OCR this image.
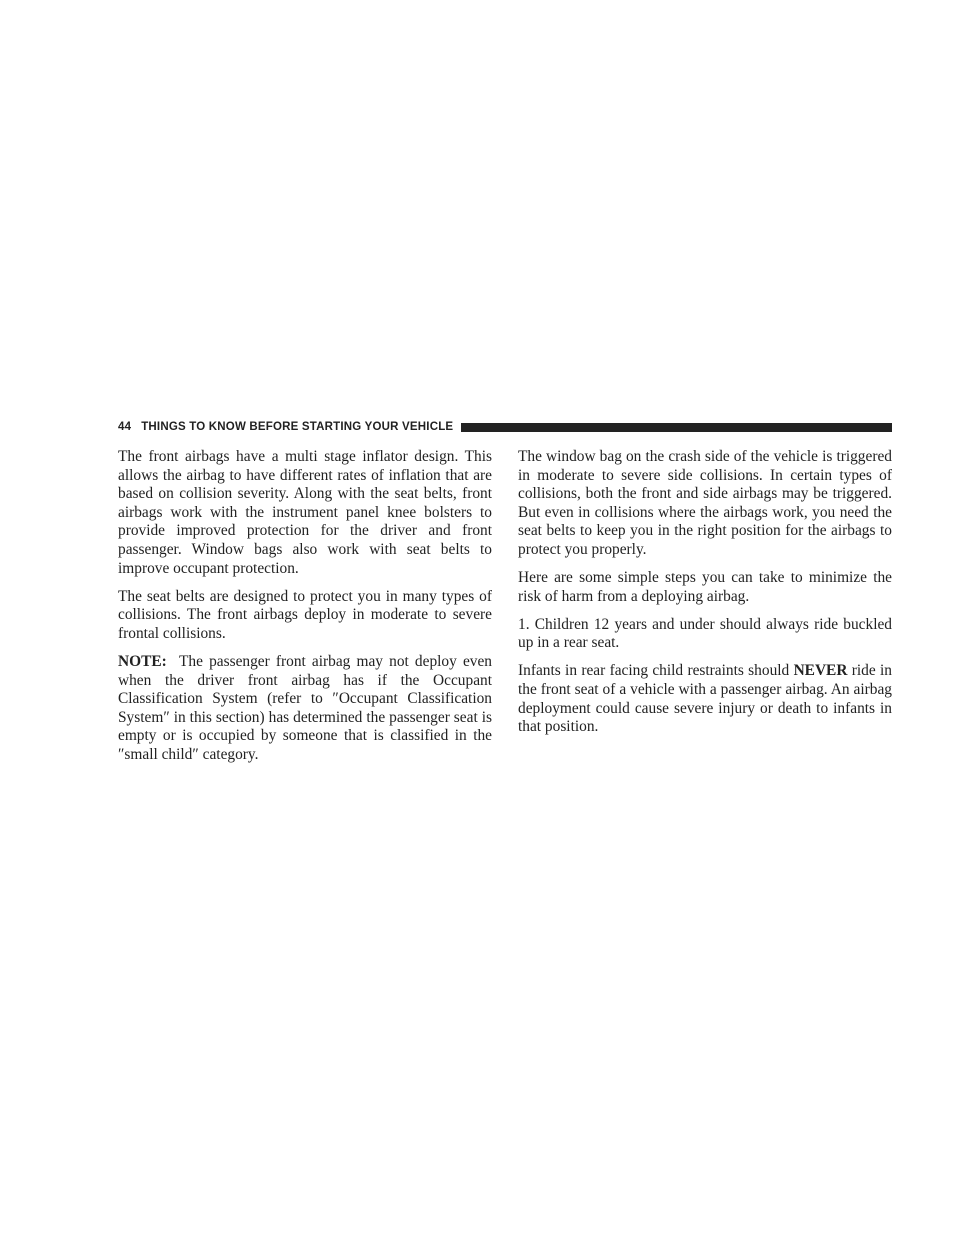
44 THINGS TO KNOW BEFORE STARTING YOUR VEHICLE

The front airbags have a multi stage inflator design. This allows the airbag to have different rates of inflation that are based on collision severity. Along with the seat belts, front airbags work with the instrument panel knee bolsters to provide improved protection for the driver and front passenger. Window bags also work with seat belts to improve occupant protection.

The seat belts are designed to protect you in many types of collisions. The front airbags deploy in moderate to severe frontal collisions.

NOTE: The passenger front airbag may not deploy even when the driver front airbag has if the Occupant Classification System (refer to ″Occupant Classification System″ in this section) has determined the passenger seat is empty or is occupied by someone that is classified in the ″small child″ category.

The window bag on the crash side of the vehicle is triggered in moderate to severe side collisions. In certain types of collisions, both the front and side airbags may be triggered. But even in collisions where the airbags work, you need the seat belts to keep you in the right position for the airbags to protect you properly.

Here are some simple steps you can take to minimize the risk of harm from a deploying airbag.

1. Children 12 years and under should always ride buckled up in a rear seat.

Infants in rear facing child restraints should NEVER ride in the front seat of a vehicle with a passenger airbag. An airbag deployment could cause severe injury or death to infants in that position.
